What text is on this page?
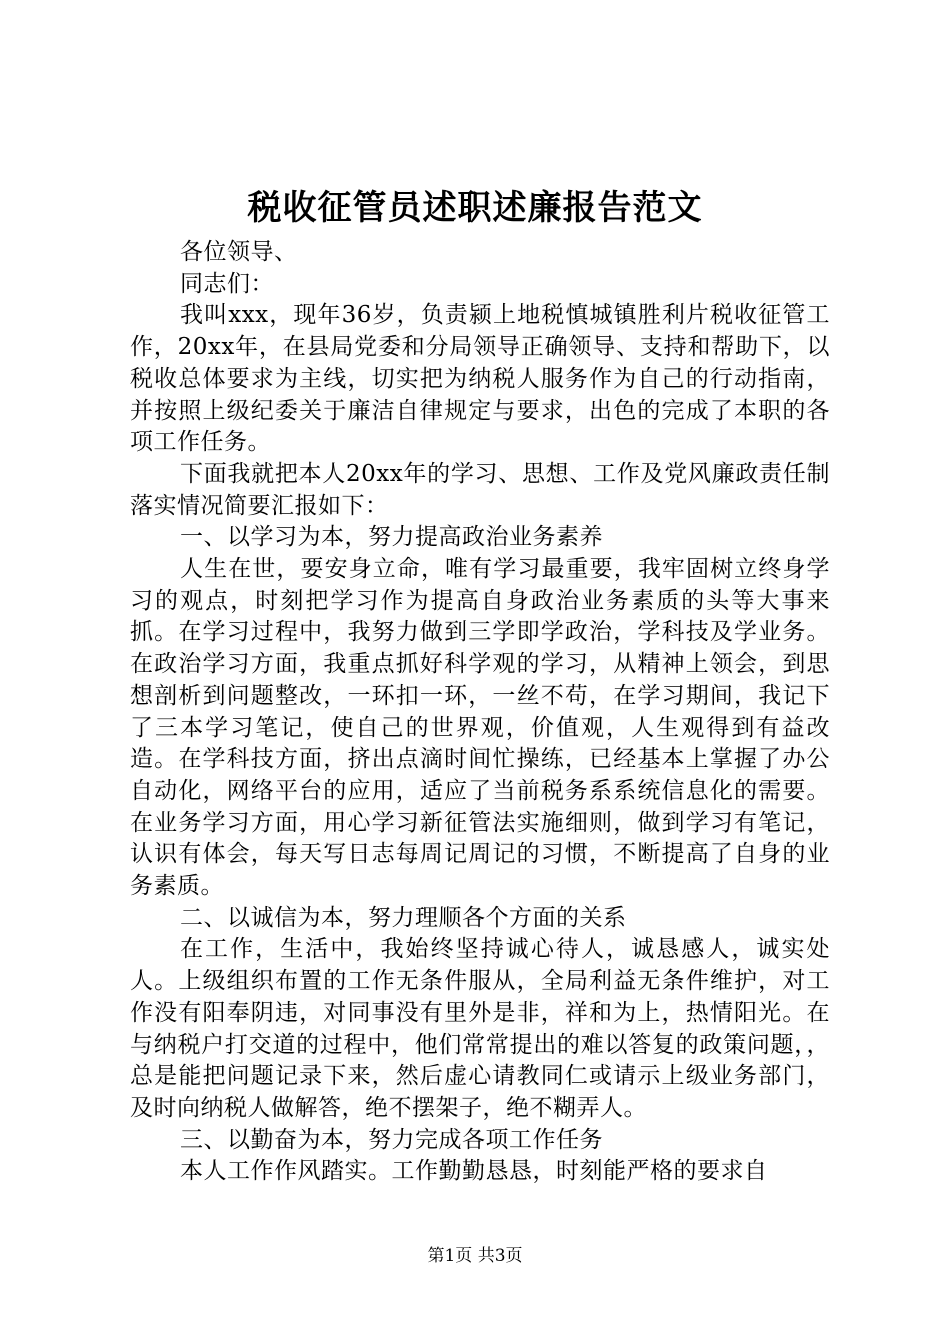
税收征管员述职述廉报告范文

各位领导、

同志们：

我叫xxx，现年36岁，负责颍上地税慎城镇胜利片税收征管工作，20xx年，在县局党委和分局领导正确领导、支持和帮助下，以税收总体要求为主线，切实把为纳税人服务作为自己的行动指南，并按照上级纪委关于廉洁自律规定与要求，出色的完成了本职的各项工作任务。

下面我就把本人20xx年的学习、思想、工作及党风廉政责任制落实情况简要汇报如下：

一、以学习为本，努力提高政治业务素养

人生在世，要安身立命，唯有学习最重要，我牢固树立终身学习的观点，时刻把学习作为提高自身政治业务素质的头等大事来抓。在学习过程中，我努力做到三学即学政治，学科技及学业务。在政治学习方面，我重点抓好科学观的学习，从精神上领会，到思想剖析到问题整改，一环扣一环，一丝不苟，在学习期间，我记下了三本学习笔记，使自己的世界观，价值观，人生观得到有益改造。在学科技方面，挤出点滴时间忙操练，已经基本上掌握了办公自动化，网络平台的应用，适应了当前税务系系统信息化的需要。在业务学习方面，用心学习新征管法实施细则，做到学习有笔记，认识有体会，每天写日志每周记周记的习惯，不断提高了自身的业务素质。

二、以诚信为本，努力理顺各个方面的关系

在工作，生活中，我始终坚持诚心待人，诚恳感人，诚实处人。上级组织布置的工作无条件服从，全局利益无条件维护，对工作没有阳奉阴违，对同事没有里外是非，祥和为上，热情阳光。在与纳税户打交道的过程中，他们常常提出的难以答复的政策问题，，总是能把问题记录下来，然后虚心请教同仁或请示上级业务部门，及时向纳税人做解答，绝不摆架子，绝不糊弄人。

三、以勤奋为本，努力完成各项工作任务

本人工作作风踏实。工作勤勤恳恳，时刻能严格的要求自

第1页 共3页
